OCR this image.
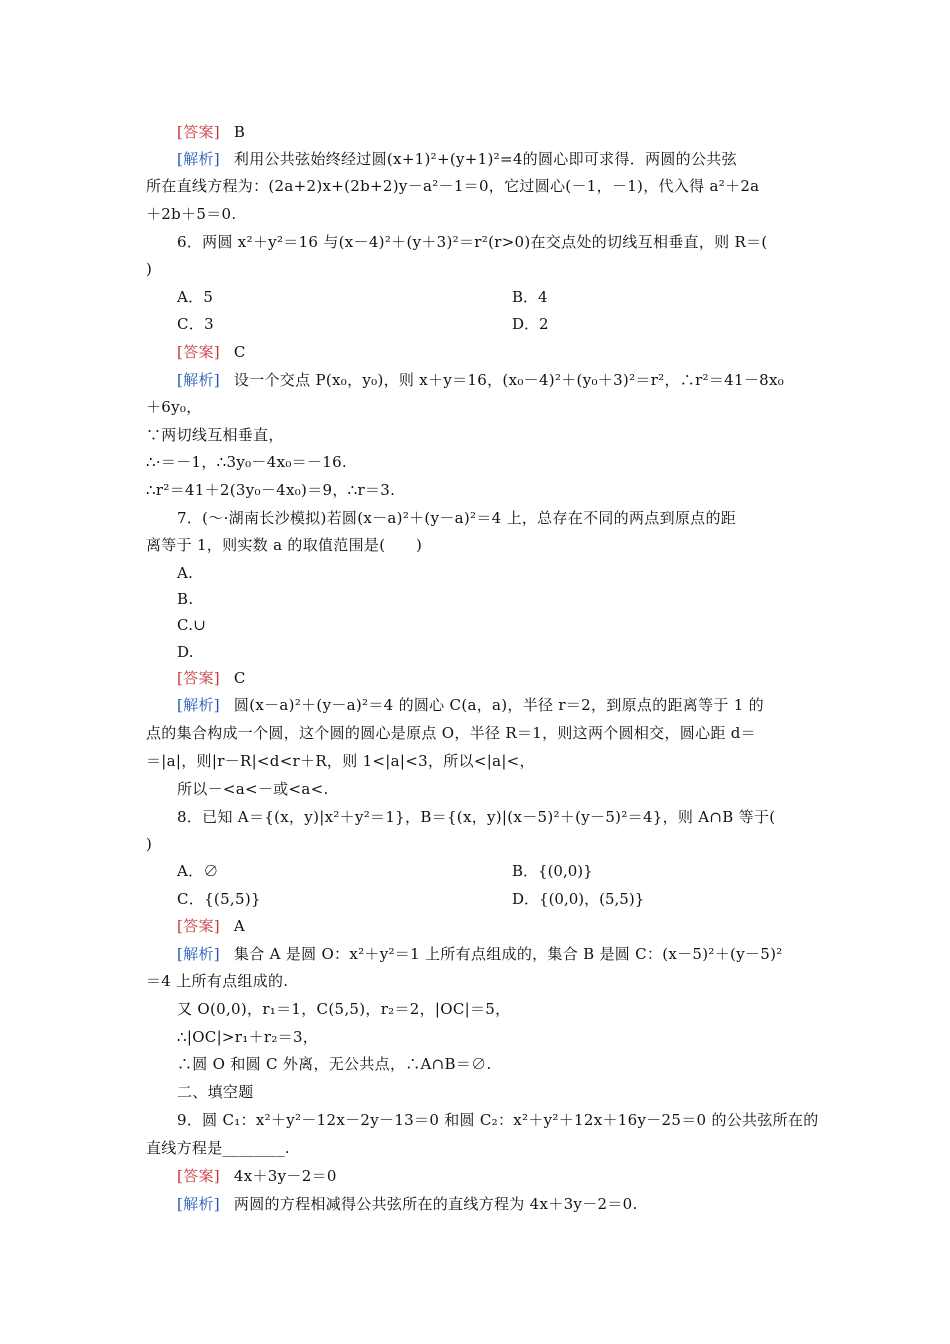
[答案] B
[解析] 利用公共弦始终经过圆(x+1)²+(y+1)²=4的圆心即可求得．两圆的公共弦
所在直线方程为：(2a+2)x+(2b+2)y－a²－1＝0，它过圆心(－1，－1)，代入得 a²＋2a
＋2b＋5＝0.
6．两圆 x²＋y²＝16 与(x－4)²＋(y＋3)²＝r²(r>0)在交点处的切线互相垂直，则 R＝(
)
A．5	B．4
C．3	D．2
[答案] C
[解析] 设一个交点 P(x₀，y₀)，则 x＋y＝16，(x₀－4)²＋(y₀＋3)²＝r²，∴r²＝41－8x₀
＋6y₀，
∵两切线互相垂直，
∴·＝－1，∴3y₀－4x₀＝－16.
∴r²＝41＋2(3y₀－4x₀)＝9，∴r＝3.
7．(～·湖南长沙模拟)若圆(x－a)²＋(y－a)²＝4 上，总存在不同的两点到原点的距
离等于 1，则实数 a 的取值范围是(　　)
A.
B.
C.∪
D.
[答案] C
[解析] 圆(x－a)²＋(y－a)²＝4 的圆心 C(a，a)，半径 r＝2，到原点的距离等于 1 的
点的集合构成一个圆，这个圆的圆心是原点 O，半径 R＝1，则这两个圆相交，圆心距 d＝
＝|a|，则|r－R|<d<r＋R，则 1<|a|<3，所以<|a|<，
所以－<a<－或<a<.
8．已知 A＝{(x，y)|x²＋y²＝1}，B＝{(x，y)|(x－5)²＋(y－5)²＝4}，则 A∩B 等于(
)
A．∅	B．{(0,0)}
C．{(5,5)}	D．{(0,0)，(5,5)}
[答案] A
[解析] 集合 A 是圆 O：x²＋y²＝1 上所有点组成的，集合 B 是圆 C：(x－5)²＋(y－5)²
＝4 上所有点组成的.
又 O(0,0)，r₁＝1，C(5,5)，r₂＝2，|OC|＝5，
∴|OC|>r₁＋r₂＝3，
∴圆 O 和圆 C 外离，无公共点，∴A∩B＝∅.
二、填空题
9．圆 C₁：x²＋y²－12x－2y－13＝0 和圆 C₂：x²＋y²＋12x＋16y－25＝0 的公共弦所在的
直线方程是________.
[答案] 4x＋3y－2＝0
[解析] 两圆的方程相减得公共弦所在的直线方程为 4x＋3y－2＝0.
